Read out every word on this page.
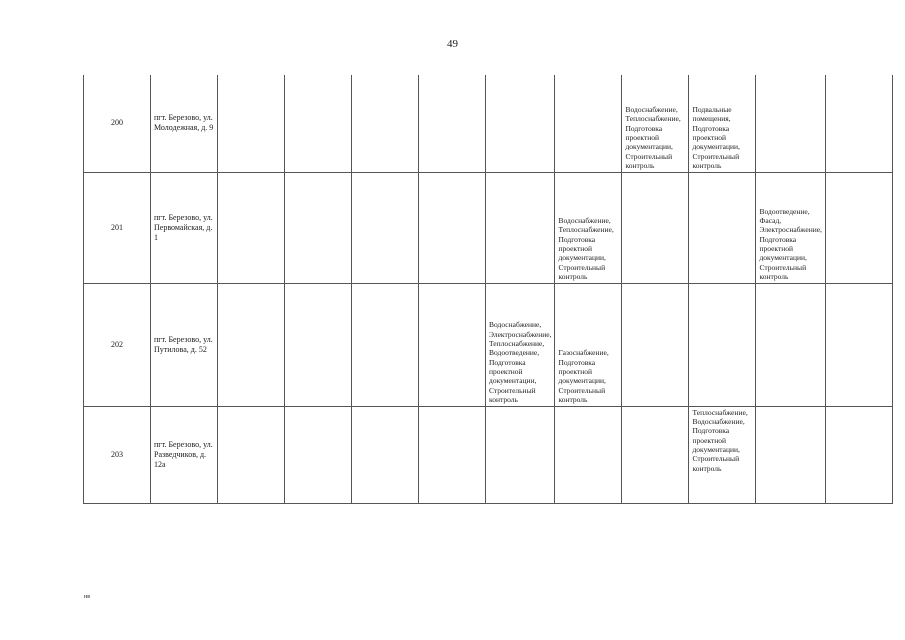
49
200	пгт. Березово, ул. Молодежная, д. 9							Водоснабжение, Теплоснабжение, Подготовка проектной документации, Строительный контроль	Подвальные помещения, Подготовка проектной документации, Строительный контроль		
201	пгт. Березово, ул. Первомайская, д. 1						Водоснабжение, Теплоснабжение, Подготовка проектной документации, Строительный контроль			Водоотведение, Фасад, Электроснабжение, Подготовка проектной документации, Строительный контроль	
202	пгт. Березово, ул. Путилова, д. 52					Водоснабжение, Электроснабжение, Теплоснабжение, Водоотведение, Подготовка проектной документации, Строительный контроль	Газоснабжение, Подготовка проектной документации, Строительный контроль				
203	пгт. Березово, ул. Разведчиков, д. 12а								Теплоснабжение, Водоснабжение, Подготовка проектной документации, Строительный контроль		
нв
